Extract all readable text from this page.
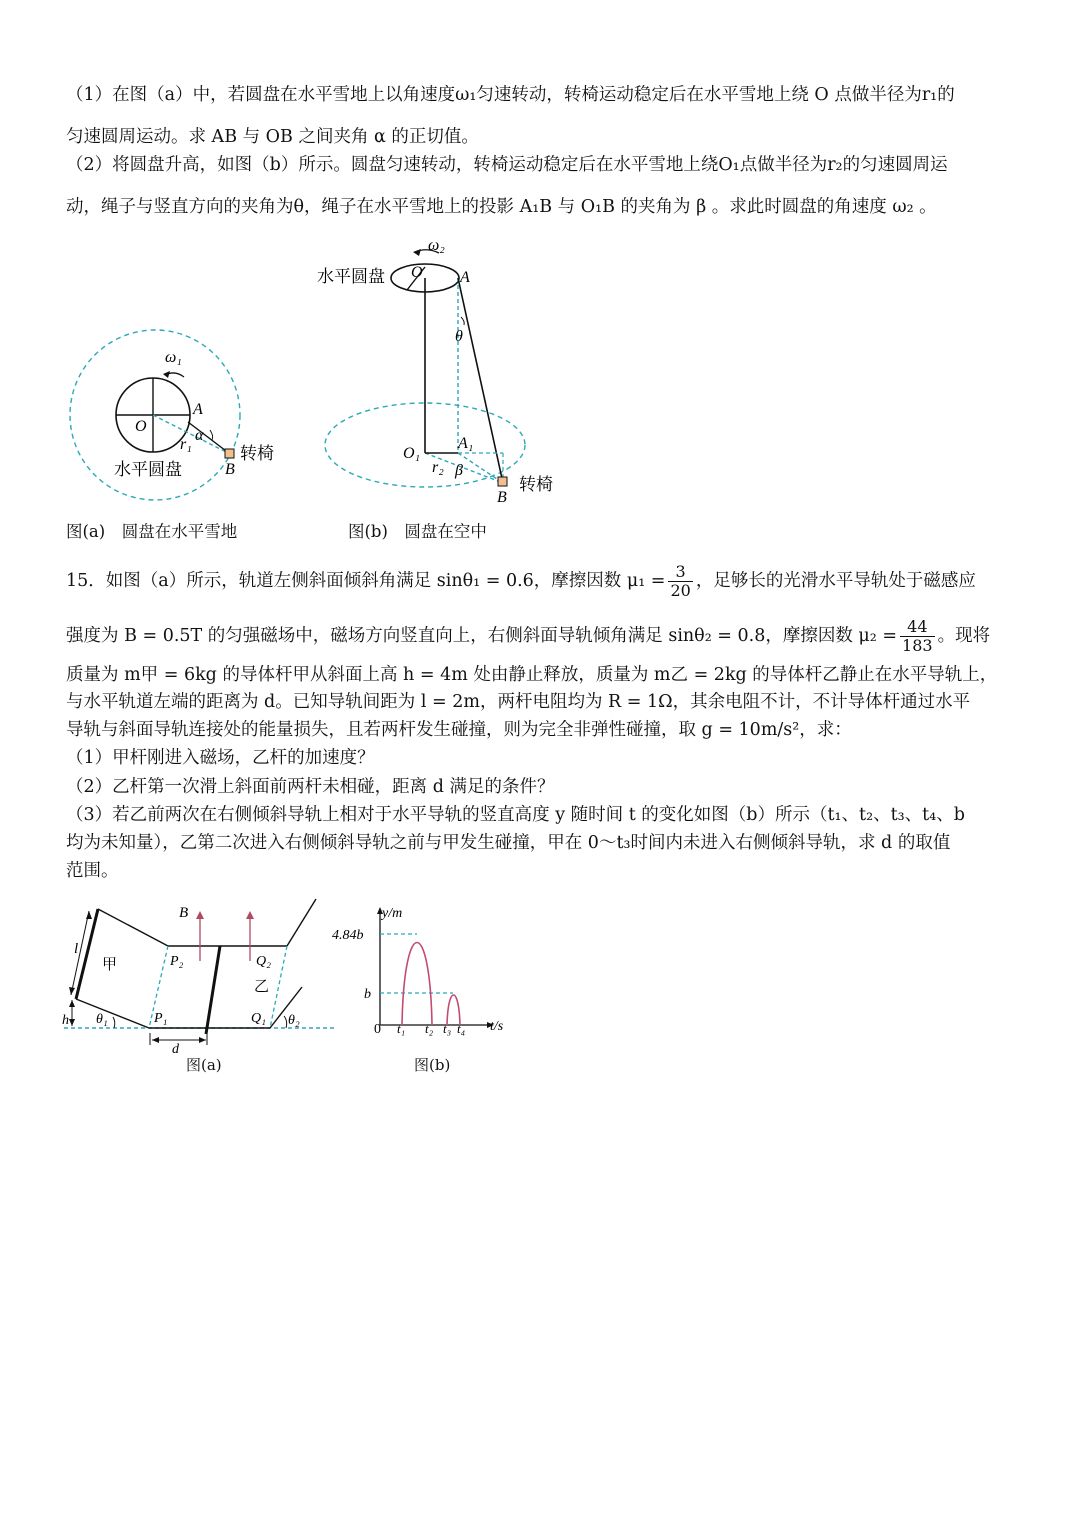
（1）在图（a）中，若圆盘在水平雪地上以角速度ω₁匀速转动，转椅运动稳定后在水平雪地上绕 O 点做半径为r₁的
匀速圆周运动。求 AB 与 OB 之间夹角 α 的正切值。
（2）将圆盘升高，如图（b）所示。圆盘匀速转动，转椅运动稳定后在水平雪地上绕O₁点做半径为r₂的匀速圆周运
动，绳子与竖直方向的夹角为θ，绳子在水平雪地上的投影 A₁B 与 O₁B 的夹角为 β 。求此时圆盘的角速度 ω₂ 。
ω₁
O
A
B
r₁
α
水平圆盘
转椅
图(a)　圆盘在水平雪地
ω₂
O A
θ
O₁
A₁
r₂ β
B
水平圆盘
转椅
图(b)　圆盘在空中
15．如图（a）所示，轨道左侧斜面倾斜角满足 sinθ₁ = 0.6，摩擦因数 $\mu_1 = \frac{3}{20}$ ，足够长的光滑水平导轨处于磁感应
强度为 B = 0.5T 的匀强磁场中，磁场方向竖直向上，右侧斜面导轨倾角满足 sinθ₂ = 0.8，摩擦因数 $\mu_2 = \frac{44}{183}$ 。现将
质量为 m甲 = 6kg 的导体杆甲从斜面上高 h = 4m 处由静止释放，质量为 m乙 = 2kg 的导体杆乙静止在水平导轨上，
与水平轨道左端的距离为 d。已知导轨间距为 l = 2m，两杆电阻均为 R = 1Ω，其余电阻不计，不计导体杆通过水平
导轨与斜面导轨连接处的能量损失，且若两杆发生碰撞，则为完全非弹性碰撞，取 g = 10m/s²，求：
（1）甲杆刚进入磁场，乙杆的加速度？
（2）乙杆第一次滑上斜面前两杆未相碰，距离 d 满足的条件？
（3）若乙前两次在右侧倾斜导轨上相对于水平导轨的竖直高度 y 随时间 t 的变化如图（b）所示（t₁、t₂、t₃、t₄、b
均为未知量），乙第二次进入右侧倾斜导轨之前与甲发生碰撞，甲在 0～t₃时间内未进入右侧倾斜导轨，求 d 的取值
范围。
B
l
甲
乙
P₂
P₁
Q₂
Q₁
h
d
θ₁	θ₂
图(a)
y/m
t/s
4.84b
b
0 t₁ t₂ t₃ t₄
图(b)
